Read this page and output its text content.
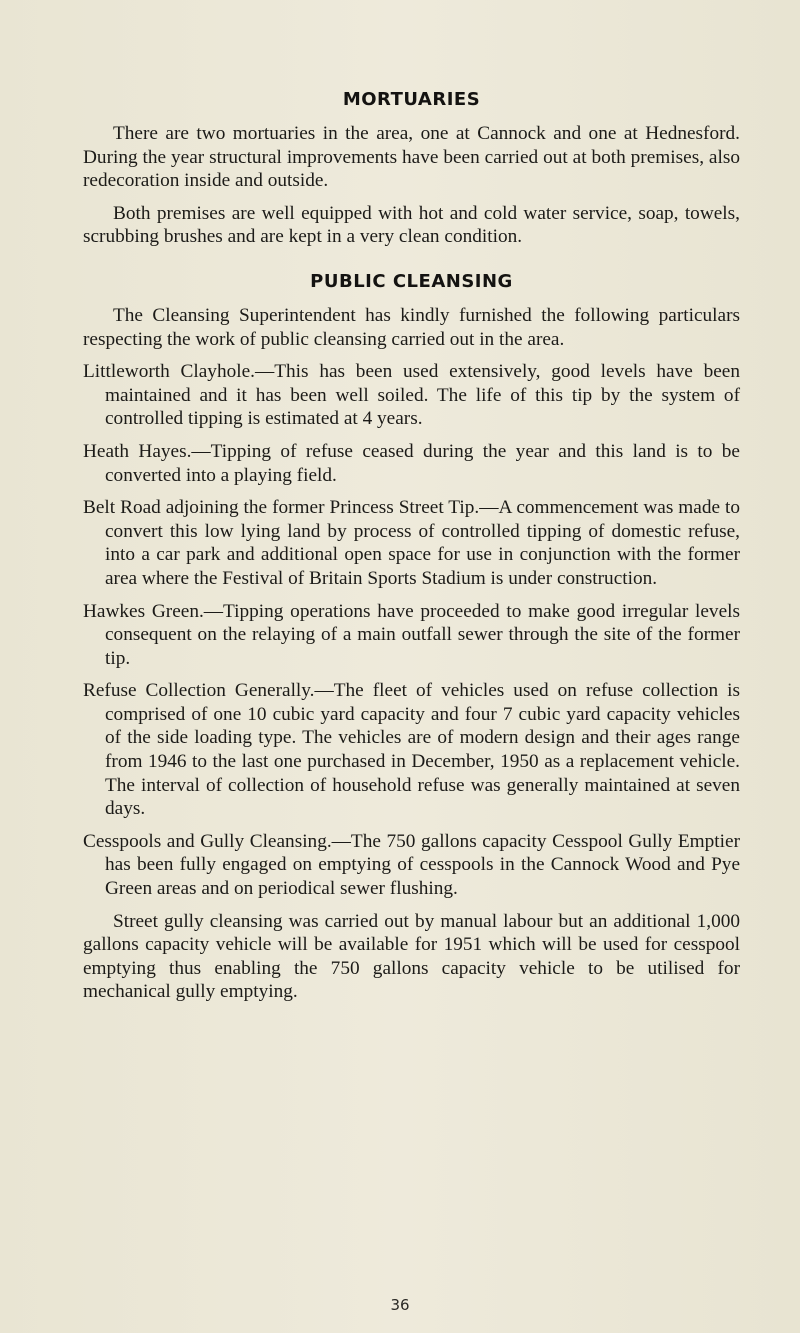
MORTUARIES

There are two mortuaries in the area, one at Cannock and one at Hednesford. During the year structural improvements have been carried out at both premises, also redecoration inside and outside.

Both premises are well equipped with hot and cold water service, soap, towels, scrubbing brushes and are kept in a very clean condition.

PUBLIC CLEANSING

The Cleansing Superintendent has kindly furnished the following particulars respecting the work of public cleansing carried out in the area.

Littleworth Clayhole.—This has been used extensively, good levels have been maintained and it has been well soiled. The life of this tip by the system of controlled tipping is estimated at 4 years.

Heath Hayes.—Tipping of refuse ceased during the year and this land is to be converted into a playing field.

Belt Road adjoining the former Princess Street Tip.—A commencement was made to convert this low lying land by process of controlled tipping of domestic refuse, into a car park and additional open space for use in conjunction with the former area where the Festival of Britain Sports Stadium is under construction.

Hawkes Green.—Tipping operations have proceeded to make good irregular levels consequent on the relaying of a main outfall sewer through the site of the former tip.

Refuse Collection Generally.—The fleet of vehicles used on refuse collection is comprised of one 10 cubic yard capacity and four 7 cubic yard capacity vehicles of the side loading type. The vehicles are of modern design and their ages range from 1946 to the last one purchased in December, 1950 as a replacement vehicle. The interval of collection of household refuse was generally maintained at seven days.

Cesspools and Gully Cleansing.—The 750 gallons capacity Cesspool Gully Emptier has been fully engaged on emptying of cesspools in the Cannock Wood and Pye Green areas and on periodical sewer flushing.

Street gully cleansing was carried out by manual labour but an additional 1,000 gallons capacity vehicle will be available for 1951 which will be used for cesspool emptying thus enabling the 750 gallons capacity vehicle to be utilised for mechanical gully emptying.

36
